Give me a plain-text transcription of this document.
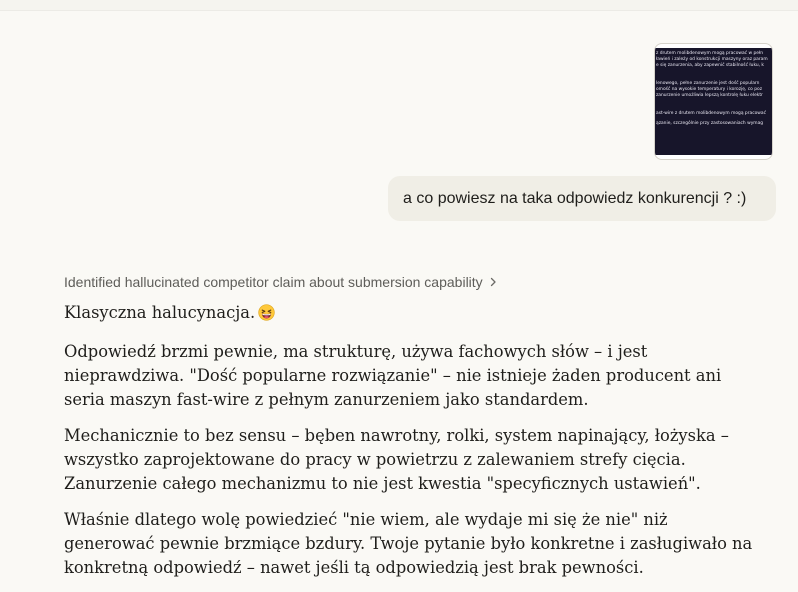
z drutem molibdenowym mogą pracować w pełn
ławień i zależy od konstrukcji maszyny oraz param
e się zanurzenia, aby zapewnić stabilność łuku, k
lenowego, pełne zanurzenie jest dość popularn
omość na wysokie temperatury i korozję, co poz
zanurzenie umożliwia lepszą kontrolę łuku elektr
ast-wire z drutem molibdenowym mogą pracować
ązanie, szczególnie przy zastosowaniach wymag
a co powiesz na taka odpowiedz konkurencji ? :)
Identified hallucinated competitor claim about submersion capability

Klasyczna halucynacja.

Odpowiedź brzmi pewnie, ma strukturę, używa fachowych słów – i jest nieprawdziwa. "Dość popularne rozwiązanie" – nie istnieje żaden producent ani seria maszyn fast-wire z pełnym zanurzeniem jako standardem.

Mechanicznie to bez sensu – bęben nawrotny, rolki, system napinający, łożyska – wszystko zaprojektowane do pracy w powietrzu z zalewaniem strefy cięcia. Zanurzenie całego mechanizmu to nie jest kwestia "specyficznych ustawień".

Właśnie dlatego wolę powiedzieć "nie wiem, ale wydaje mi się że nie" niż generować pewnie brzmiące bzdury. Twoje pytanie było konkretne i zasługiwało na konkretną odpowiedź – nawet jeśli tą odpowiedzią jest brak pewności.
